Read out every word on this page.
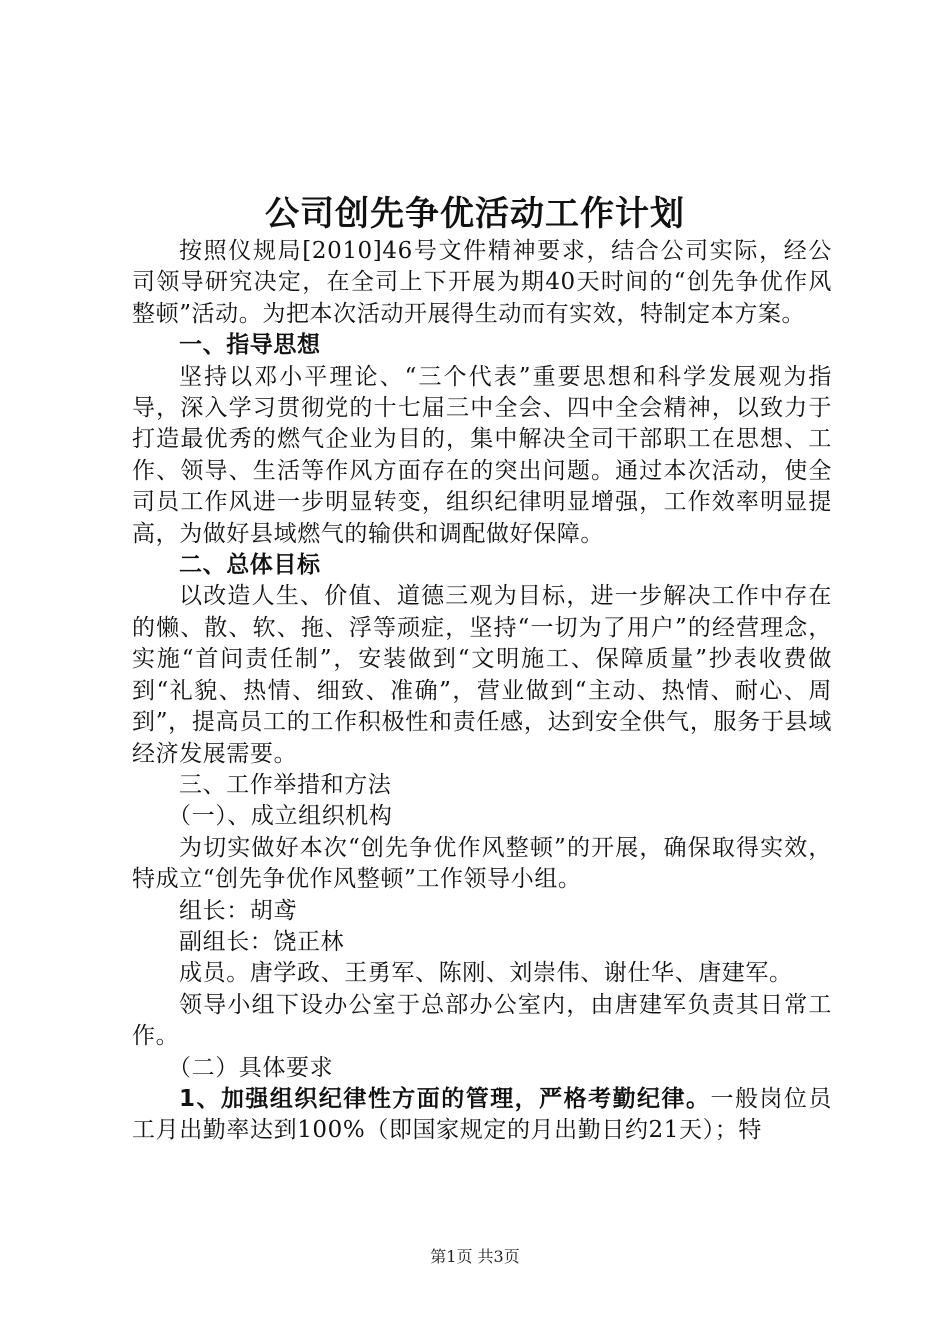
公司创先争优活动工作计划

按照仪规局[2010]46号文件精神要求，结合公司实际，经公司领导研究决定，在全司上下开展为期40天时间的“创先争优作风整顿”活动。为把本次活动开展得生动而有实效，特制定本方案。

一、指导思想

坚持以邓小平理论、“三个代表”重要思想和科学发展观为指导，深入学习贯彻党的十七届三中全会、四中全会精神，以致力于打造最优秀的燃气企业为目的，集中解决全司干部职工在思想、工作、领导、生活等作风方面存在的突出问题。通过本次活动，使全司员工作风进一步明显转变，组织纪律明显增强，工作效率明显提高，为做好县域燃气的输供和调配做好保障。

二、总体目标

以改造人生、价值、道德三观为目标，进一步解决工作中存在的懒、散、软、拖、浮等顽症，坚持“一切为了用户”的经营理念，实施“首问责任制”，安装做到“文明施工、保障质量”抄表收费做到“礼貌、热情、细致、准确”，营业做到“主动、热情、耐心、周到”，提高员工的工作积极性和责任感，达到安全供气，服务于县域经济发展需要。

三、工作举措和方法

（一）、成立组织机构

为切实做好本次“创先争优作风整顿”的开展，确保取得实效，特成立“创先争优作风整顿”工作领导小组。

组长：胡鸢

副组长：饶正林

成员。唐学政、王勇军、陈刚、刘崇伟、谢仕华、唐建军。

领导小组下设办公室于总部办公室内，由唐建军负责其日常工作。

（二）具体要求

1、加强组织纪律性方面的管理，严格考勤纪律。一般岗位员工月出勤率达到100%（即国家规定的月出勤日约21天）；特

第1页 共3页
